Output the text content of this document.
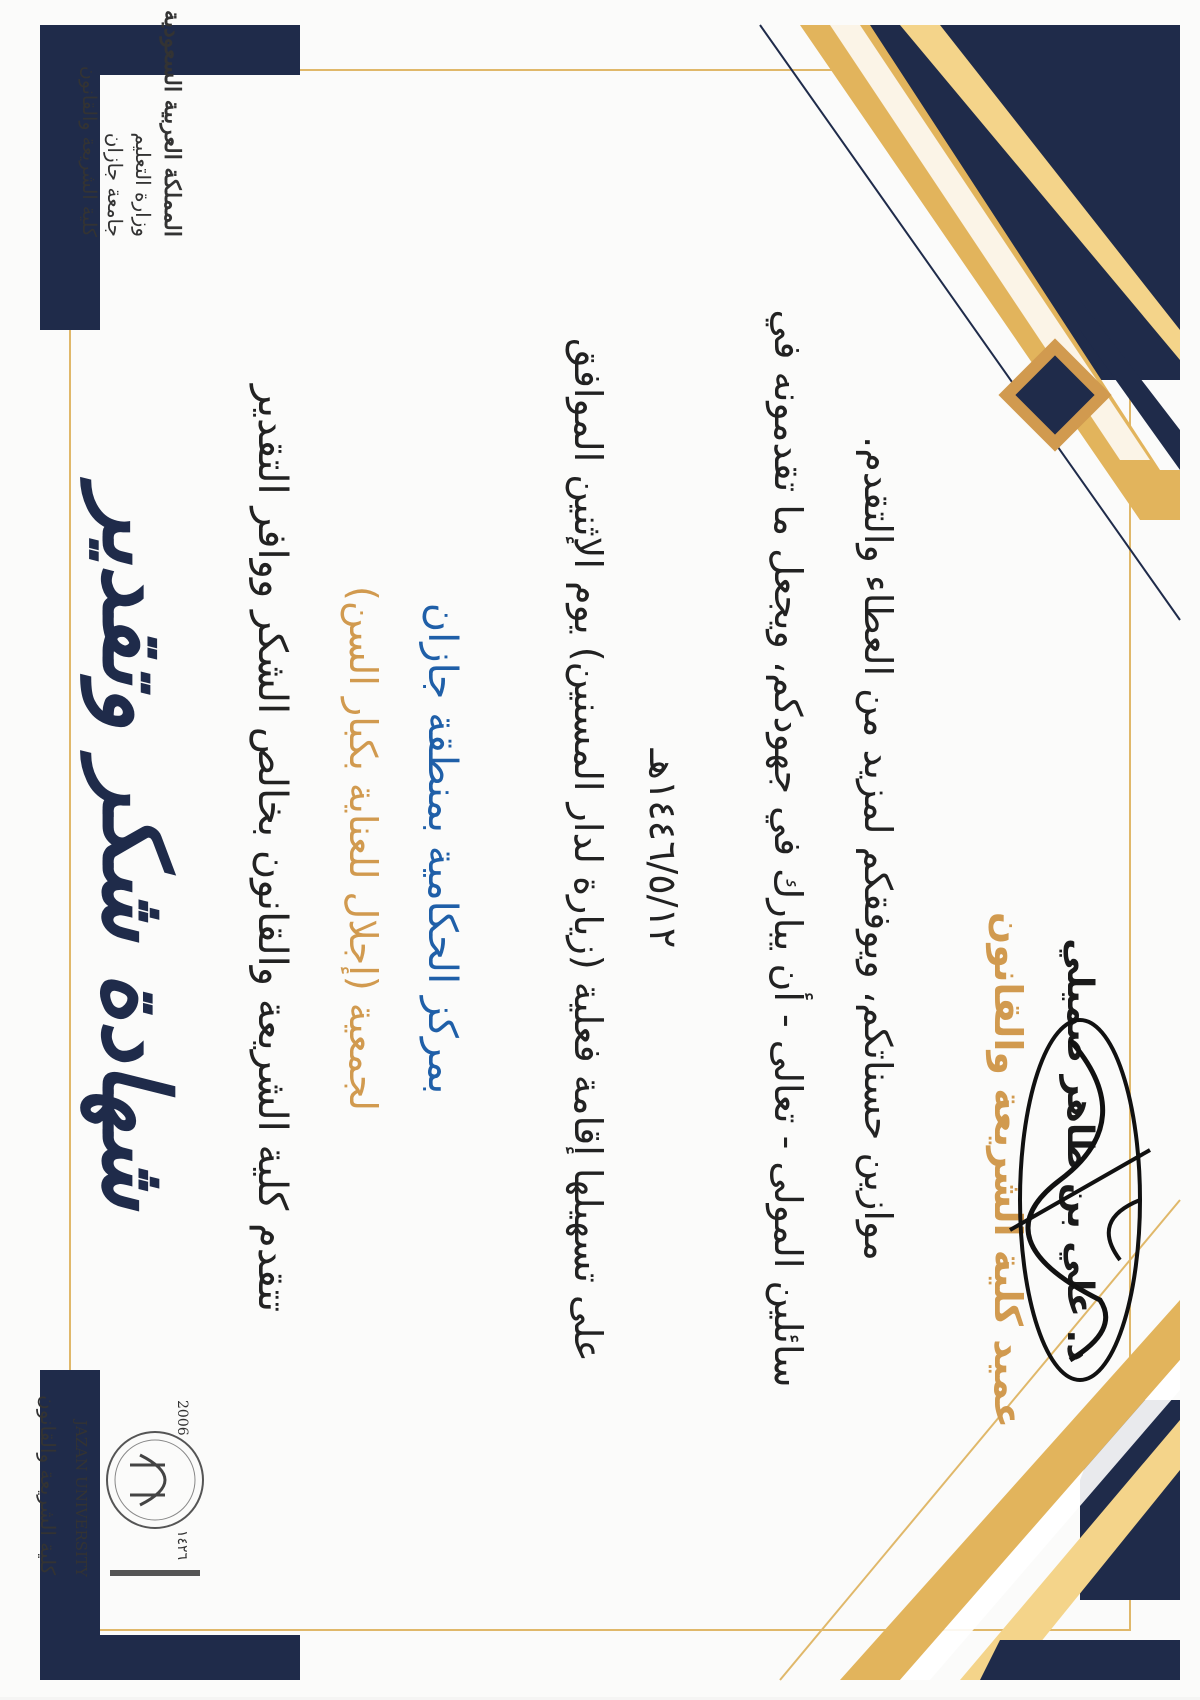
المملكة العربية السعودية
وزارة التعليم
جامعة جازان
كلية الشريعة والقانون
2006
١٤٢٦
JAZAN UNIVERSITY
كلية الشريعة والقانون
شهادة شكر وتقدير تتقدم كلية الشريعة والقانون بخالص الشكر ووافر التقدير لجمعية (إجلال للعناية بكبار السن) بمركز الحكامية بمنطقة جازان	على تسهيلها إقامة فعلية (زيارة لدار المسنين) يوم الإثنين الموافق ١٤٤٦/٥/١٢هـ سائلين المولى - تعالى - أن يبارك في جهودكم، ويجعل ما تقدمونه في موازين حسناتكم، ويوفقكم لمزيد من العطاء والتقدم. عميد كلية الشريعة والقانون د. علي بن طاهر صميلي
